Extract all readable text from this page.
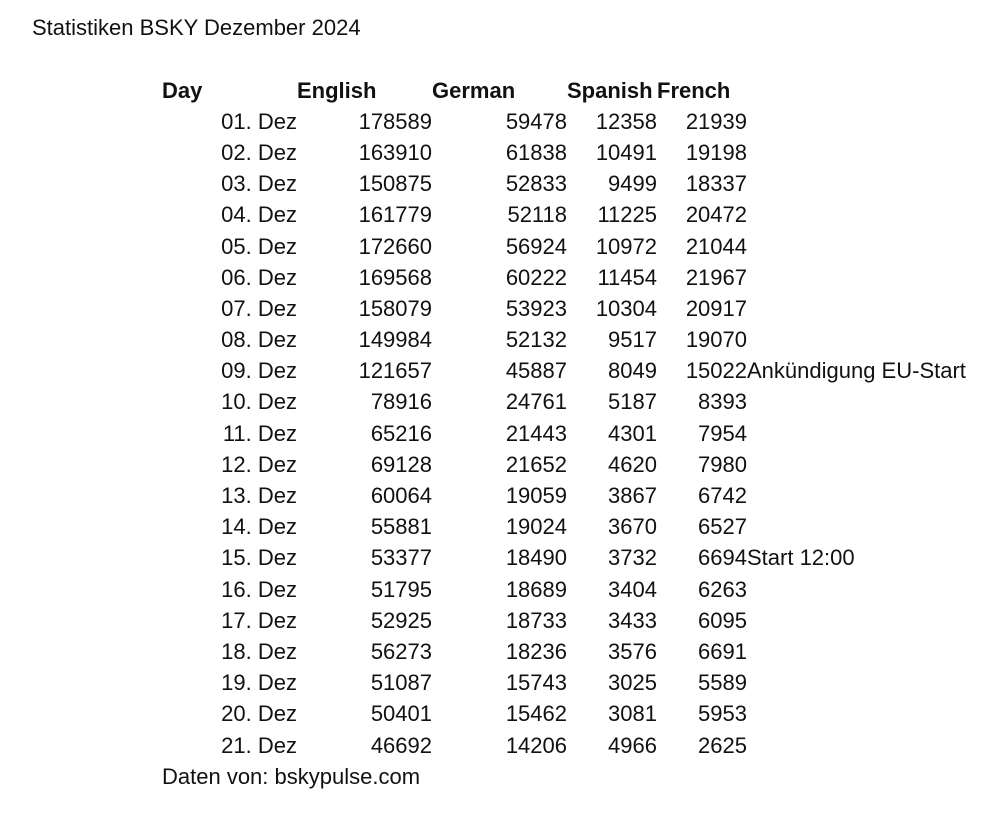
Statistiken BSKY Dezember 2024
Day	English	German	Spanish	French	
01. Dez	178589	59478	12358	21939	
02. Dez	163910	61838	10491	19198	
03. Dez	150875	52833	9499	18337	
04. Dez	161779	52118	11225	20472	
05. Dez	172660	56924	10972	21044	
06. Dez	169568	60222	11454	21967	
07. Dez	158079	53923	10304	20917	
08. Dez	149984	52132	9517	19070	
09. Dez	121657	45887	8049	15022	Ankündigung EU-Start
10. Dez	78916	24761	5187	8393	
11. Dez	65216	21443	4301	7954	
12. Dez	69128	21652	4620	7980	
13. Dez	60064	19059	3867	6742	
14. Dez	55881	19024	3670	6527	
15. Dez	53377	18490	3732	6694	Start 12:00
16. Dez	51795	18689	3404	6263	
17. Dez	52925	18733	3433	6095	
18. Dez	56273	18236	3576	6691	
19. Dez	51087	15743	3025	5589	
20. Dez	50401	15462	3081	5953	
21. Dez	46692	14206	4966	2625	
Daten von: bskypulse.com					
